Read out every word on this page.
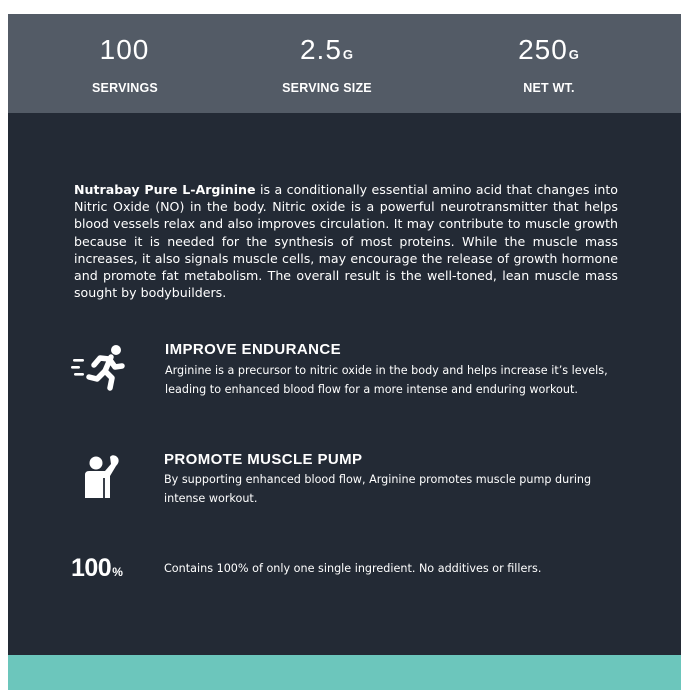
100
SERVINGS
2.5G
SERVING SIZE
250G
NET WT.
Nutrabay Pure L-Arginine is a conditionally essential amino acid that changes into Nitric Oxide (NO) in the body. Nitric oxide is a powerful neurotransmitter that helps blood vessels relax and also improves circulation. It may contribute to muscle growth because it is needed for the synthesis of most proteins. While the muscle mass increases, it also signals muscle cells, may encourage the release of growth hormone and promote fat metabolism. The overall result is the well-toned, lean muscle mass sought by bodybuilders.
IMPROVE ENDURANCE
Arginine is a precursor to nitric oxide in the body and helps increase it’s levels,
leading to enhanced blood flow for a more intense and enduring workout.
PROMOTE MUSCLE PUMP
By supporting enhanced blood flow, Arginine promotes muscle pump during
intense workout.
100%	Contains 100% of only one single ingredient. No additives or fillers.
